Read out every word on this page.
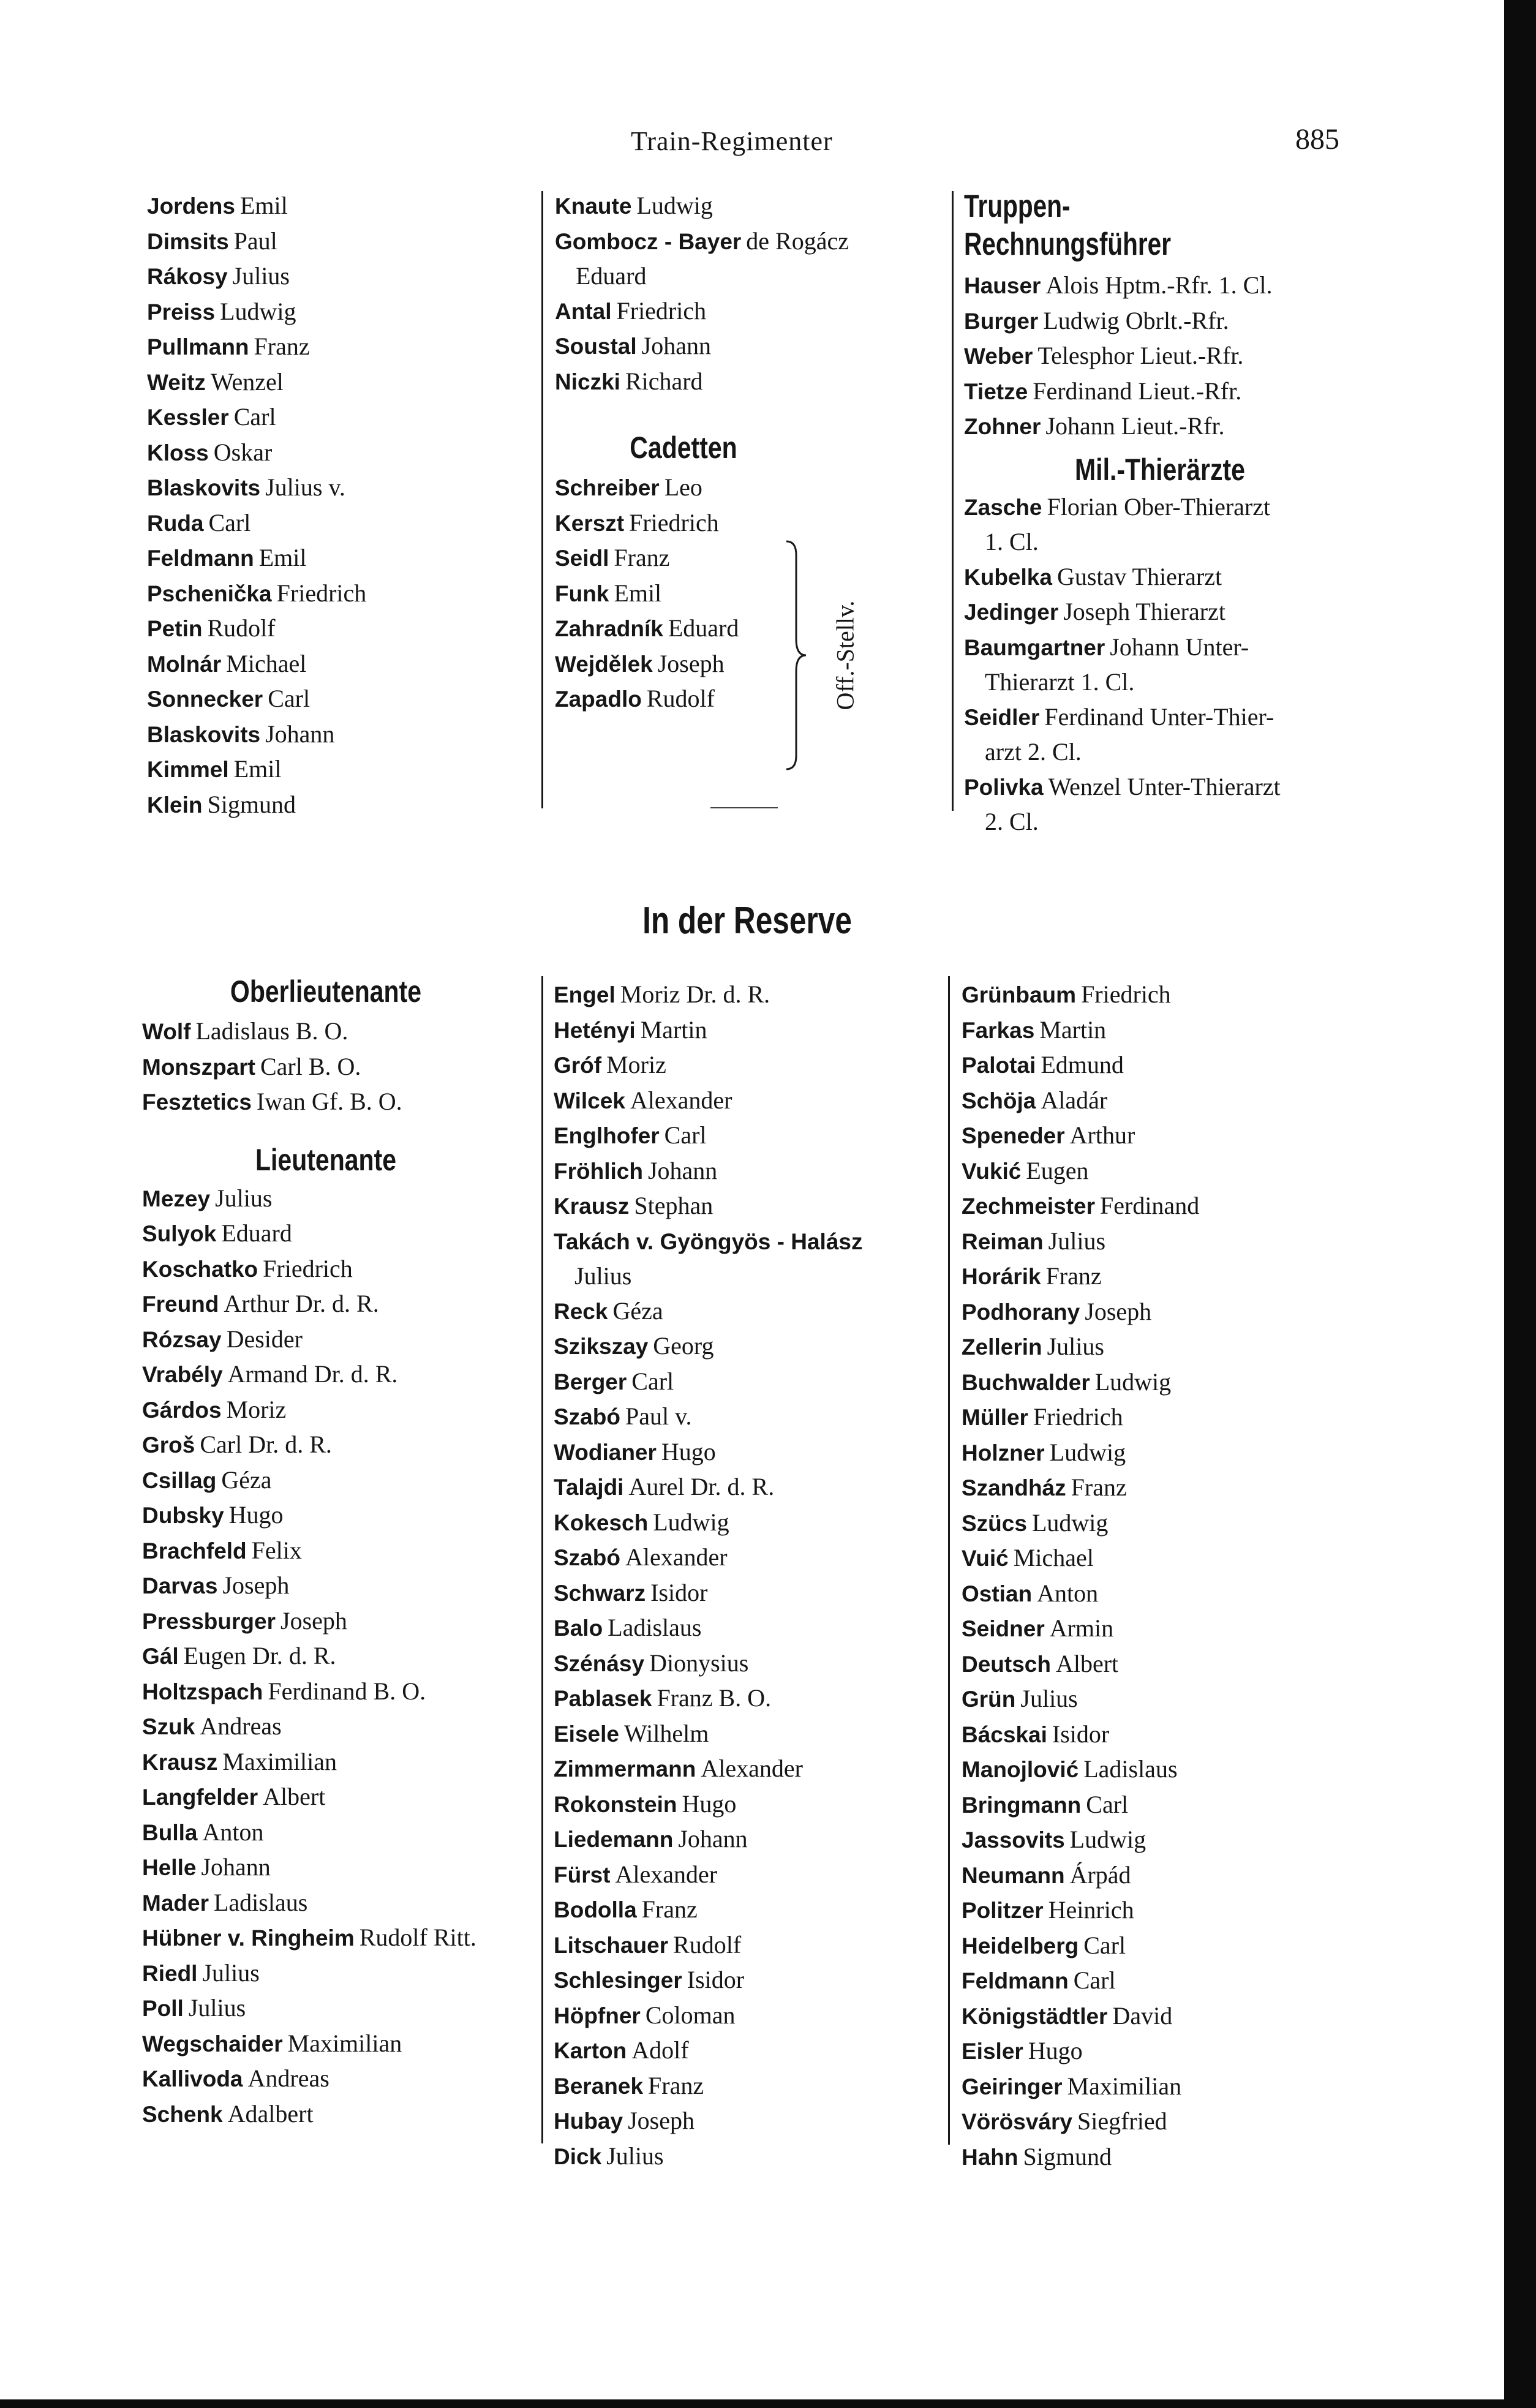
Train-Regimenter	885
Jordens Emil
Dimsits Paul
Rákosy Julius
Preiss Ludwig
Pullmann Franz
Weitz Wenzel
Kessler Carl
Kloss Oskar
Blaskovits Julius v.
Ruda Carl
Feldmann Emil
Pschenička Friedrich
Petin Rudolf
Molnár Michael
Sonnecker Carl
Blaskovits Johann
Kimmel Emil
Klein Sigmund
Knaute Ludwig
Gombocz - Bayer de Rogácz
Eduard
Antal Friedrich
Soustal Johann
Niczki Richard
Cadetten
Schreiber Leo
Kerszt Friedrich
Seidl Franz
Funk Emil
Zahradník Eduard
Wejdělek Joseph
Zapadlo Rudolf	Off.-Stellv.
Truppen-Rechnungsführer
Hauser Alois Hptm.-Rfr. 1. Cl.
Burger Ludwig Obrlt.-Rfr.
Weber Telesphor Lieut.-Rfr.
Tietze Ferdinand Lieut.-Rfr.
Zohner Johann Lieut.-Rfr.
Mil.-Thierärzte
Zasche Florian Ober-Thierarzt
1. Cl.
Kubelka Gustav Thierarzt
Jedinger Joseph Thierarzt
Baumgartner Johann Unter-
Thierarzt 1. Cl.
Seidler Ferdinand Unter-Thier-
arzt 2. Cl.
Polivka Wenzel Unter-Thierarzt
2. Cl.
In der Reserve
Oberlieutenante
Wolf Ladislaus B. O.
Monszpart Carl B. O.
Fesztetics Iwan Gf. B. O.
Lieutenante
Mezey Julius
Sulyok Eduard
Koschatko Friedrich
Freund Arthur Dr. d. R.
Rózsay Desider
Vrabély Armand Dr. d. R.
Gárdos Moriz
Groš Carl Dr. d. R.
Csillag Géza
Dubsky Hugo
Brachfeld Felix
Darvas Joseph
Pressburger Joseph
Gál Eugen Dr. d. R.
Holtzspach Ferdinand B. O.
Szuk Andreas
Krausz Maximilian
Langfelder Albert
Bulla Anton
Helle Johann
Mader Ladislaus
Hübner v. Ringheim Rudolf Ritt.
Riedl Julius
Poll Julius
Wegschaider Maximilian
Kallivoda Andreas
Schenk Adalbert
Engel Moriz Dr. d. R.
Hetényi Martin
Gróf Moriz
Wilcek Alexander
Englhofer Carl
Fröhlich Johann
Krausz Stephan
Takách v. Gyöngyös - Halász
Julius
Reck Géza
Szikszay Georg
Berger Carl
Szabó Paul v.
Wodianer Hugo
Talajdi Aurel Dr. d. R.
Kokesch Ludwig
Szabó Alexander
Schwarz Isidor
Balo Ladislaus
Szénásy Dionysius
Pablasek Franz B. O.
Eisele Wilhelm
Zimmermann Alexander
Rokonstein Hugo
Liedemann Johann
Fürst Alexander
Bodolla Franz
Litschauer Rudolf
Schlesinger Isidor
Höpfner Coloman
Karton Adolf
Beranek Franz
Hubay Joseph
Dick Julius
Grünbaum Friedrich
Farkas Martin
Palotai Edmund
Schöja Aladár
Speneder Arthur
Vukić Eugen
Zechmeister Ferdinand
Reiman Julius
Horárik Franz
Podhorany Joseph
Zellerin Julius
Buchwalder Ludwig
Müller Friedrich
Holzner Ludwig
Szandház Franz
Szücs Ludwig
Vuić Michael
Ostian Anton
Seidner Armin
Deutsch Albert
Grün Julius
Bácskai Isidor
Manojlović Ladislaus
Bringmann Carl
Jassovits Ludwig
Neumann Árpád
Politzer Heinrich
Heidelberg Carl
Feldmann Carl
Königstädtler David
Eisler Hugo
Geiringer Maximilian
Vörösváry Siegfried
Hahn Sigmund
